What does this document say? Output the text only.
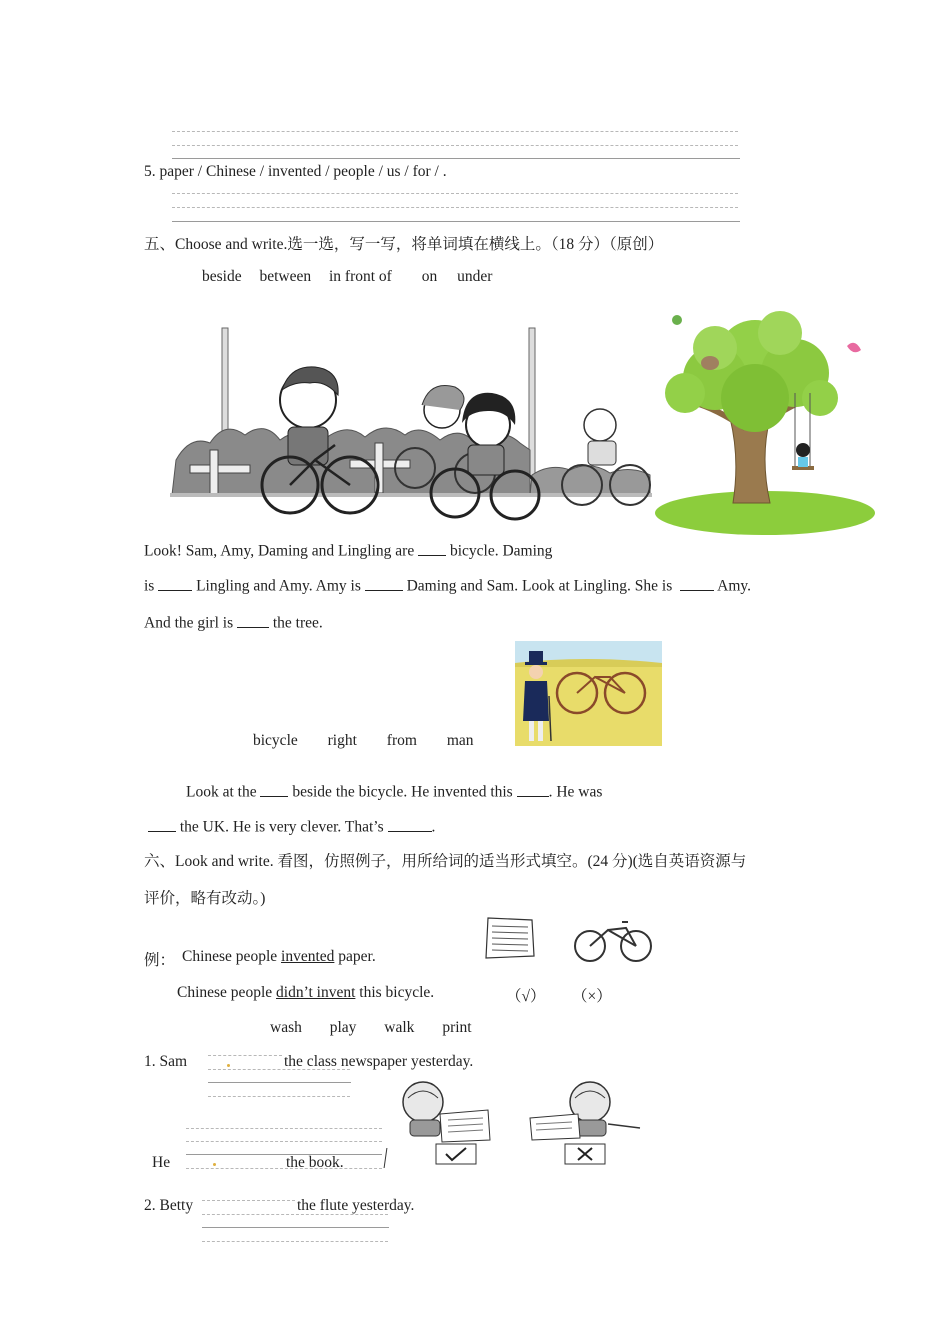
5. paper / Chinese / invented / people / us / for / .
五、Choose and write.选一选，写一写，将单词填在横线上。（18 分）（原创）
beside between in front of on under
Look! Sam, Amy, Daming and Lingling are bicycle. Daming
is	Lingling and Amy. Amy is	Daming and Sam. Look at Lingling. She is	Amy.
And the girl is	the tree.
bicycle right from man
Look at the beside the bicycle. He invented this . He was
the UK. He is very clever. That’s	.
六、Look and write. 看图，仿照例子，用所给词的适当形式填空。(24 分)(选自英语资源与
评价，略有改动。)
例： Chinese people invented paper.
Chinese people didn’t invent this bicycle.	（√） （×）
wash play walk print
1. Sam	the class newspaper yesterday.
He	the book.
2. Betty	the flute yesterday.
